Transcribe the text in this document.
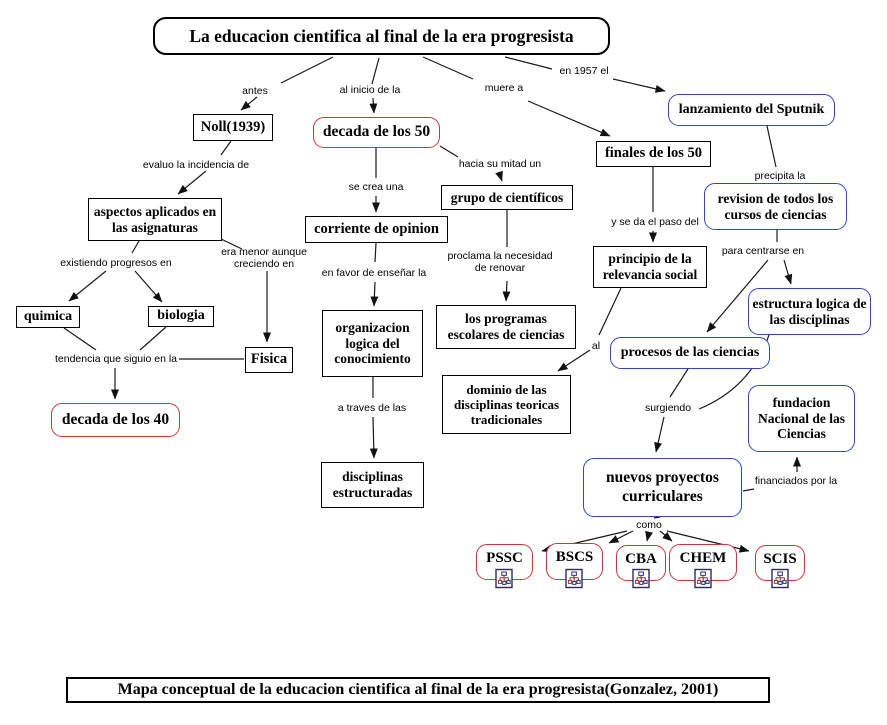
La educacion cientifica al final de la era progresista
Mapa conceptual de la educacion cientifica al final de la era progresista(Gonzalez, 2001)
Noll(1939)
aspectos aplicados en las asignaturas
quimica	biologia
Fisica
corriente de opinion
grupo de científicos
organizacion logica del conocimiento
los programas escolares de ciencias
dominio de las disciplinas teoricas tradicionales
disciplinas estructuradas
finales de los 50
principio de la relevancia social
decada de los 50
decada de los 40
lanzamiento del Sputnik
revision de todos los cursos de ciencias
estructura logica de las disciplinas
procesos de las ciencias
fundacion Nacional de las Ciencias
nuevos proyectos curriculares
PSSC	BSCS	CBA	CHEM	SCIS
antes	al inicio de la	muere a
en 1957 el
evaluo la incidencia de
existiendo progresos en
era menor aunque creciendo en
tendencia que siguio en la
se crea una
hacia su mitad un
en favor de enseñar la
proclama la necesidad de renovar
a traves de las
al
y se da el paso del
precipita la
para centrarse en
surgiendo
financiados por la
como
